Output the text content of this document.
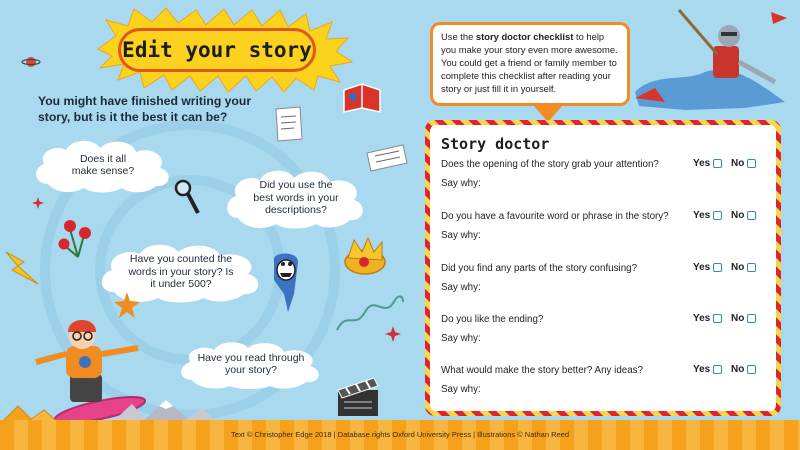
Edit your story
You might have finished writing your story, but is it the best it can be?
Does it all
make sense?
Did you use the
best words in your
descriptions?
Have you counted the
words in your story? Is
it under 500?
Have you read through
your story?
Use the story doctor checklist to help you make your story even more awesome. You could get a friend or family member to complete this checklist after reading your story or just fill it in yourself.
Story doctor
Does the opening of the story grab your attention?	Yes No
Say why:
Do you have a favourite word or phrase in the story? Yes No
Say why:
Did you find any parts of the story confusing?	Yes No
Say why:
Do you like the ending?	Yes No
Say why:
What would make the story better? Any ideas?	Yes No
Say why:
Text © Christopher Edge 2018 | Database rights Oxford University Press | Illustrations © Nathan Reed
